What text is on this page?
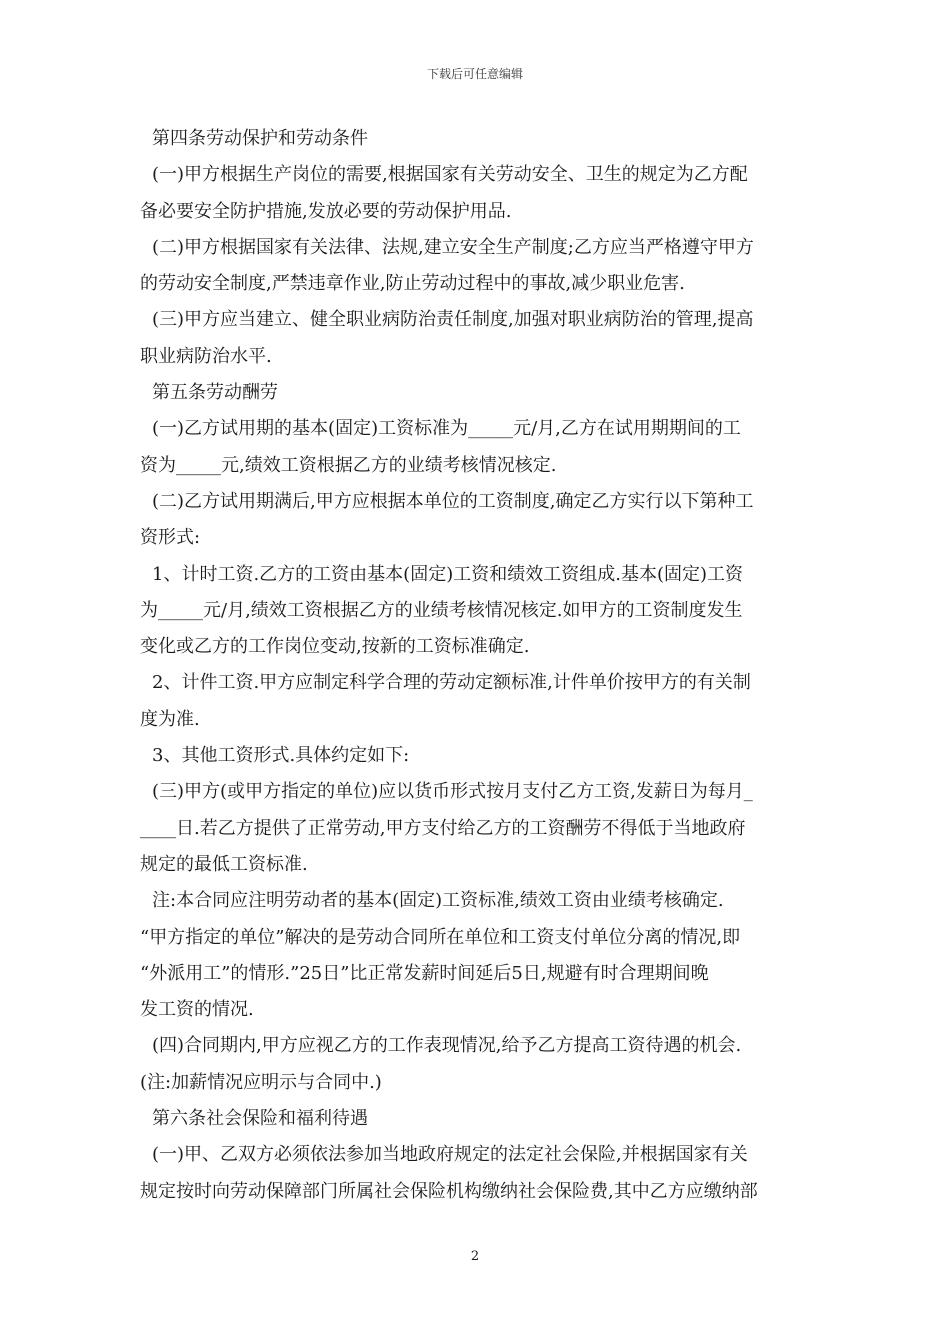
下载后可任意编辑
第四条劳动保护和劳动条件
(一)甲方根据生产岗位的需要,根据国家有关劳动安全、卫生的规定为乙方配
备必要安全防护措施,发放必要的劳动保护用品.
(二)甲方根据国家有关法律、法规,建立安全生产制度;乙方应当严格遵守甲方
的劳动安全制度,严禁违章作业,防止劳动过程中的事故,减少职业危害.
(三)甲方应当建立、健全职业病防治责任制度,加强对职业病防治的管理,提高
职业病防治水平.
第五条劳动酬劳
(一)乙方试用期的基本(固定)工资标准为_____元/月,乙方在试用期期间的工
资为_____元,绩效工资根据乙方的业绩考核情况核定.
(二)乙方试用期满后,甲方应根据本单位的工资制度,确定乙方实行以下第种工
资形式:
1、计时工资.乙方的工资由基本(固定)工资和绩效工资组成.基本(固定)工资
为_____元/月,绩效工资根据乙方的业绩考核情况核定.如甲方的工资制度发生
变化或乙方的工作岗位变动,按新的工资标准确定.
2、计件工资.甲方应制定科学合理的劳动定额标准,计件单价按甲方的有关制
度为准.
3、其他工资形式.具体约定如下:
(三)甲方(或甲方指定的单位)应以货币形式按月支付乙方工资,发薪日为每月_
____日.若乙方提供了正常劳动,甲方支付给乙方的工资酬劳不得低于当地政府
规定的最低工资标准.
注:本合同应注明劳动者的基本(固定)工资标准,绩效工资由业绩考核确定.
“甲方指定的单位”解决的是劳动合同所在单位和工资支付单位分离的情况,即
“外派用工”的情形.”25日”比正常发薪时间延后5日,规避有时合理期间晚
发工资的情况.
(四)合同期内,甲方应视乙方的工作表现情况,给予乙方提高工资待遇的机会.
(注:加薪情况应明示与合同中.)
第六条社会保险和福利待遇
(一)甲、乙双方必须依法参加当地政府规定的法定社会保险,并根据国家有关
规定按时向劳动保障部门所属社会保险机构缴纳社会保险费,其中乙方应缴纳部
2
